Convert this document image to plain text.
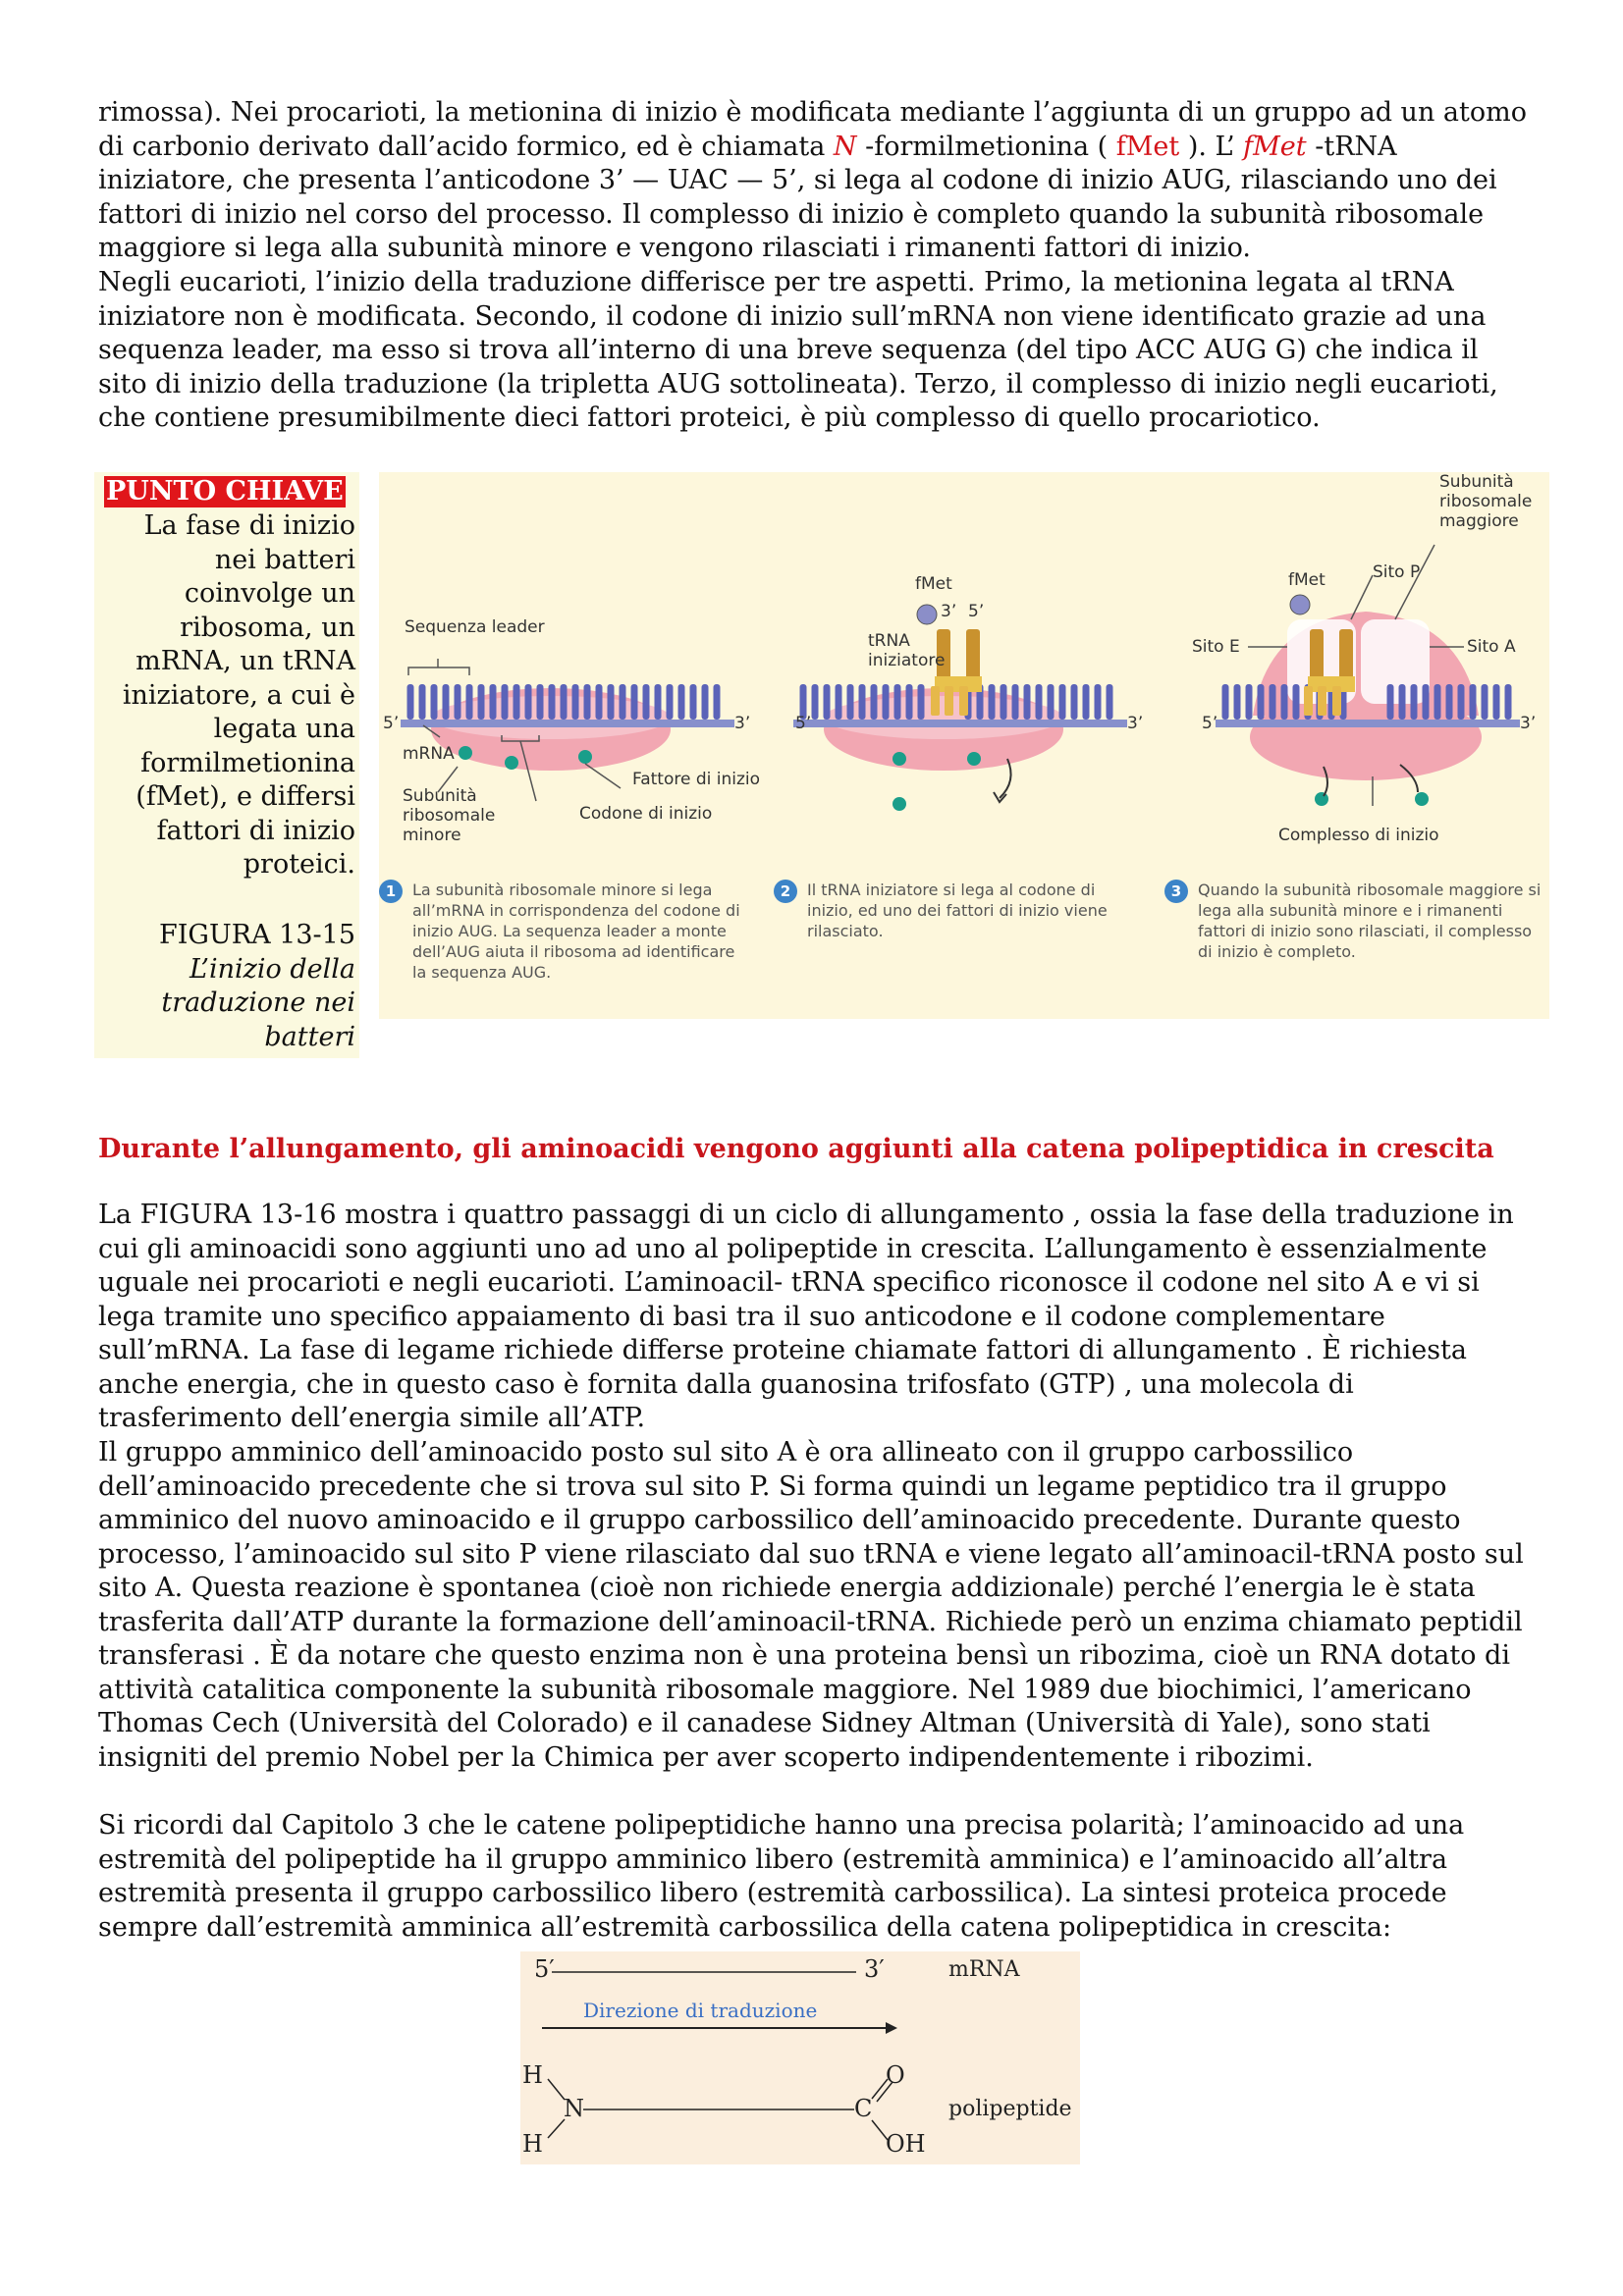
rimossa). Nei procarioti, la metionina di inizio è modificata mediante l’aggiunta di un gruppo ad un atomo di carbonio derivato dall’acido formico, ed è chiamata N -formilmetionina ( fMet ). L’ fMet -tRNA iniziatore, che presenta l’anticodone 3’ — UAC — 5’, si lega al codone di inizio AUG, rilasciando uno dei fattori di inizio nel corso del processo. Il complesso di inizio è completo quando la subunità ribosomale maggiore si lega alla subunità minore e vengono rilasciati i rimanenti fattori di inizio.

Negli eucarioti, l’inizio della traduzione differisce per tre aspetti. Primo, la metionina legata al tRNA iniziatore non è modificata. Secondo, il codone di inizio sull’mRNA non viene identificato grazie ad una sequenza leader, ma esso si trova all’interno di una breve sequenza (del tipo ACC AUG G) che indica il sito di inizio della traduzione (la tripletta AUG sottolineata). Terzo, il complesso di inizio negli eucarioti, che contiene presumibilmente dieci fattori proteici, è più complesso di quello procariotico.

PUNTO CHIAVE
La fase di inizio nei batteri coinvolge un ribosoma, un mRNA, un tRNA iniziatore, a cui è legata una formilmetionina (fMet), e differsi fattori di inizio proteici.
FIGURA 13-15
L’inizio della traduzione nei batteri
Sequenza leader
5’	3’
mRNA
Subunità ribosomale minore
Codone di inizio
Fattore di inizio
fMet
3’ 5’
tRNA iniziatore
5’	3’
Subunità ribosomale maggiore
fMet	Sito P
Sito E	Sito A
5’	3’
Complesso di inizio
1	La subunità ribosomale minore si lega all’mRNA in corrispondenza del codone di inizio AUG. La sequenza leader a monte dell’AUG aiuta il ribosoma ad identificare la sequenza AUG.
2	Il tRNA iniziatore si lega al codone di inizio, ed uno dei fattori di inizio viene rilasciato.
3	Quando la subunità ribosomale maggiore si lega alla subunità minore e i rimanenti fattori di inizio sono rilasciati, il complesso di inizio è completo.
Durante l’allungamento, gli aminoacidi vengono aggiunti alla catena polipeptidica in crescita

La FIGURA 13-16 mostra i quattro passaggi di un ciclo di allungamento , ossia la fase della traduzione in cui gli aminoacidi sono aggiunti uno ad uno al polipeptide in crescita. L’allungamento è essenzialmente uguale nei procarioti e negli eucarioti. L’aminoacil- tRNA specifico riconosce il codone nel sito A e vi si lega tramite uno specifico appaiamento di basi tra il suo anticodone e il codone complementare sull’mRNA. La fase di legame richiede differse proteine chiamate fattori di allungamento . È richiesta anche energia, che in questo caso è fornita dalla guanosina trifosfato (GTP) , una molecola di trasferimento dell’energia simile all’ATP.

Il gruppo amminico dell’aminoacido posto sul sito A è ora allineato con il gruppo carbossilico dell’aminoacido precedente che si trova sul sito P. Si forma quindi un legame peptidico tra il gruppo amminico del nuovo aminoacido e il gruppo carbossilico dell’aminoacido precedente. Durante questo processo, l’aminoacido sul sito P viene rilasciato dal suo tRNA e viene legato all’aminoacil-tRNA posto sul sito A. Questa reazione è spontanea (cioè non richiede energia addizionale) perché l’energia le è stata trasferita dall’ATP durante la formazione dell’aminoacil-tRNA. Richiede però un enzima chiamato peptidil transferasi . È da notare che questo enzima non è una proteina bensì un ribozima, cioè un RNA dotato di attività catalitica componente la subunità ribosomale maggiore. Nel 1989 due biochimici, l’americano Thomas Cech (Università del Colorado) e il canadese Sidney Altman (Università di Yale), sono stati insigniti del premio Nobel per la Chimica per aver scoperto indipendentemente i ribozimi.

Si ricordi dal Capitolo 3 che le catene polipeptidiche hanno una precisa polarità; l’aminoacido ad una estremità del polipeptide ha il gruppo amminico libero (estremità amminica) e l’aminoacido all’altra estremità presenta il gruppo carbossilico libero (estremità carbossilica). La sintesi proteica procede sempre dall’estremità amminica all’estremità carbossilica della catena polipeptidica in crescita:

5′	3′	mRNA
Direzione di traduzione
H
N
H
O
C
OH
polipeptide
